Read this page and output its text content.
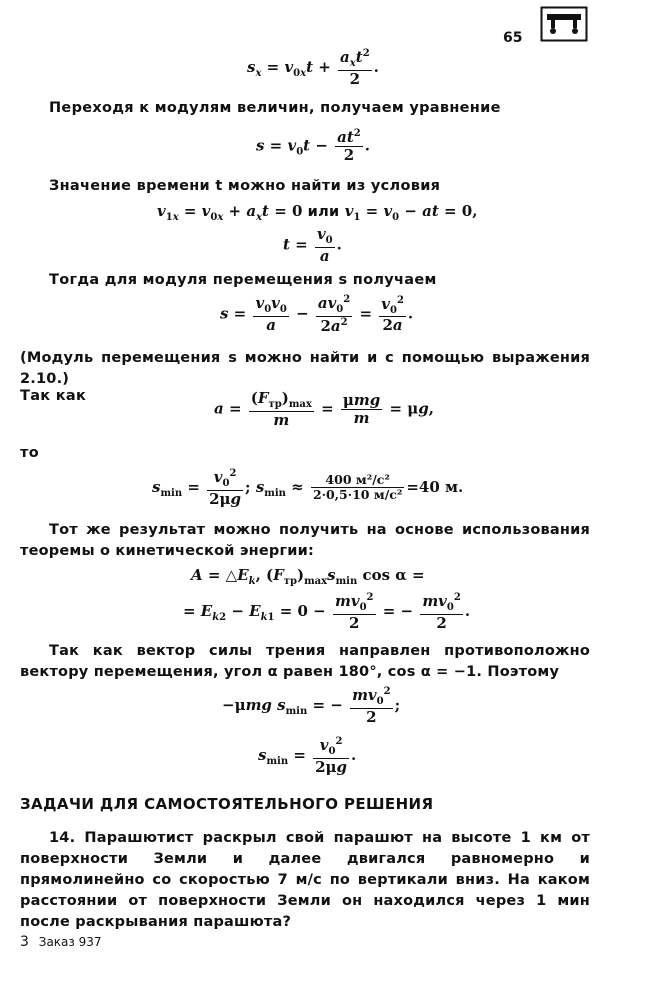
65
$s_x = v_{0x}t + \frac{a_xt^2}{2}$ .
Переходя к модулям величин, получаем уравнение
$s = v_0t - \frac{at^2}{2}$ .
Значение времени t можно найти из условия
$v_{1x} = v_{0x} + a_xt = 0$ или $v_1 = v_0$ − at = 0,
$t = \frac{v_0}{a}$ .
Тогда для модуля перемещения s получаем
$s = \frac{v_0v_0}{a} - \frac{av_0^2}{2a^2} = \frac{v_0^2}{2a}$ .
(Модуль перемещения s можно найти и с помощью выражения 2.10.)
Так как
$a = \frac{(F_{тр})_{max}}{m} = \frac{\text{μmg}}{m} = \mu g$,
то
$s_{min} = \frac{v_0^2}{2\mu g}$ ; $s_{min} \approx \frac{\text{400 м²/с²}}{\text{2·0,5·10 м/с²}} =40$ м.
Тот же результат можно получить на основе использования теоремы о кинетической энергии:
$A = \triangle E_k$, $(F_{тр})_{max}s_{min}$ cos α =
= $E_{k2} - E_{k1} = 0 - \frac{mv_0^2}{2}$ = − $\frac{mv_0^2}{2}$ .
Так как вектор силы трения направлен противоположно вектору перемещения, угол α равен 180°, cos α = −1. Поэтому
−μmg $s_{min}$ = − $\frac{mv_0^2}{2}$ ;
$s_{min} = \frac{v_0^2}{2\mu g}$ .
ЗАДАЧИ ДЛЯ САМОСТОЯТЕЛЬНОГО РЕШЕНИЯ
14. Парашютист раскрыл свой парашют на высоте 1 км от поверхности Земли и далее двигался равномерно и прямолинейно со скоростью 7 м/с по вертикали вниз. На каком расстоянии от поверхности Земли он находился через 1 мин после раскрывания парашюта?
3 Заказ 937
